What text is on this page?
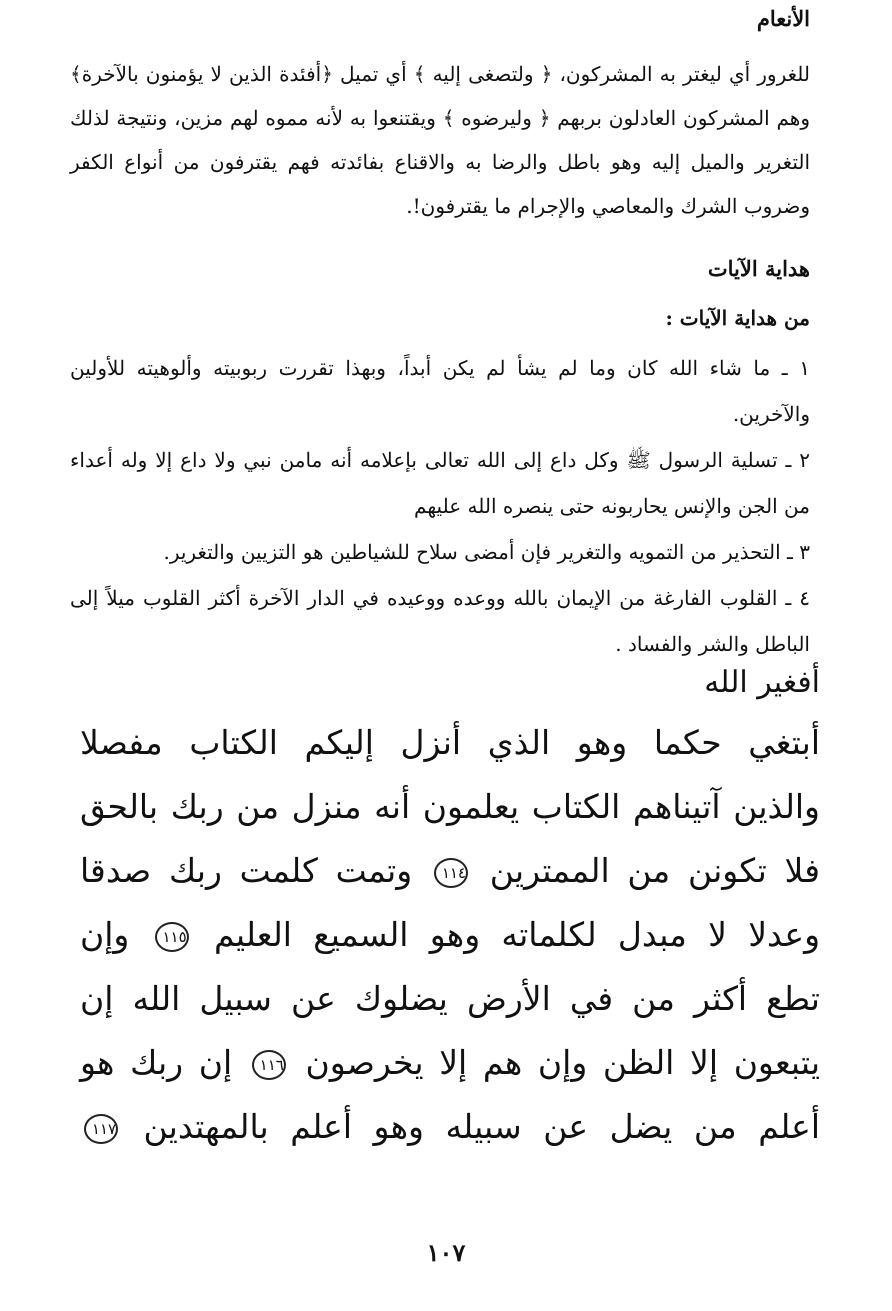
الأنعام

للغرور أي ليغتر به المشركون، ﴿ ولتصغى إليه ﴾ أي تميل ﴿أفئدة الذين لا يؤمنون بالآخرة﴾ وهم المشركون العادلون بربهم ﴿ وليرضوه ﴾ ويقتنعوا به لأنه مموه لهم مزين، ونتيجة لذلك التغرير والميل إليه وهو باطل والرضا به والاقناع بفائدته فهم يقترفون من أنواع الكفر وضروب الشرك والمعاصي والإجرام ما يقترفون!.

هداية الآيات
من هداية الآيات :
١ ـ ما شاء الله كان وما لم يشأ لم يكن أبداً، وبهذا تقررت ربوبيته وألوهيته للأولين والآخرين.
٢ ـ تسلية الرسول ﷺ وكل داع إلى الله تعالى بإعلامه أنه مامن نبي ولا داع إلا وله أعداء من الجن والإنس يحاربونه حتى ينصره الله عليهم
٣ ـ التحذير من التمويه والتغرير فإن أمضى سلاح للشياطين هو التزيين والتغرير.
٤ ـ القلوب الفارغة من الإيمان بالله ووعده ووعيده في الدار الآخرة أكثر القلوب ميلاً إلى الباطل والشر والفساد .

أفغير الله

أبتغي حكما وهو الذي أنزل إليكم الكتاب مفصلا

والذين آتيناهم الكتاب يعلمون أنه منزل من ربك بالحق

فلا تكونن من الممترين ١١٤ وتمت كلمت ربك صدقا

وعدلا لا مبدل لكلماته وهو السميع العليم ١١٥ وإن

تطع أكثر من في الأرض يضلوك عن سبيل الله إن

يتبعون إلا الظن وإن هم إلا يخرصون ١١٦ إن ربك هو

أعلم من يضل عن سبيله وهو أعلم بالمهتدين ١١٧

١٠٧
